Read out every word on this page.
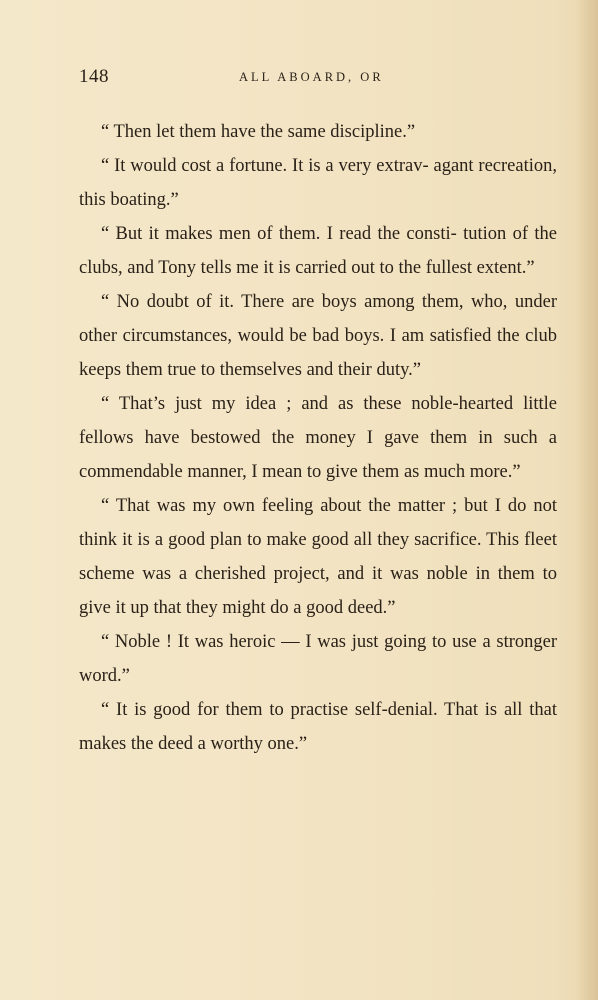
148	ALL ABOARD, OR

“ Then let them have the same discipline.”

“ It would cost a fortune. It is a very extrav- agant recreation, this boating.”

“ But it makes men of them. I read the consti- tution of the clubs, and Tony tells me it is carried out to the fullest extent.”

“ No doubt of it. There are boys among them, who, under other circumstances, would be bad boys. I am satisfied the club keeps them true to themselves and their duty.”

“ That’s just my idea ; and as these noble-hearted little fellows have bestowed the money I gave them in such a commendable manner, I mean to give them as much more.”

“ That was my own feeling about the matter ; but I do not think it is a good plan to make good all they sacrifice. This fleet scheme was a cherished project, and it was noble in them to give it up that they might do a good deed.”

“ Noble ! It was heroic — I was just going to use a stronger word.”

“ It is good for them to practise self-denial. That is all that makes the deed a worthy one.”
